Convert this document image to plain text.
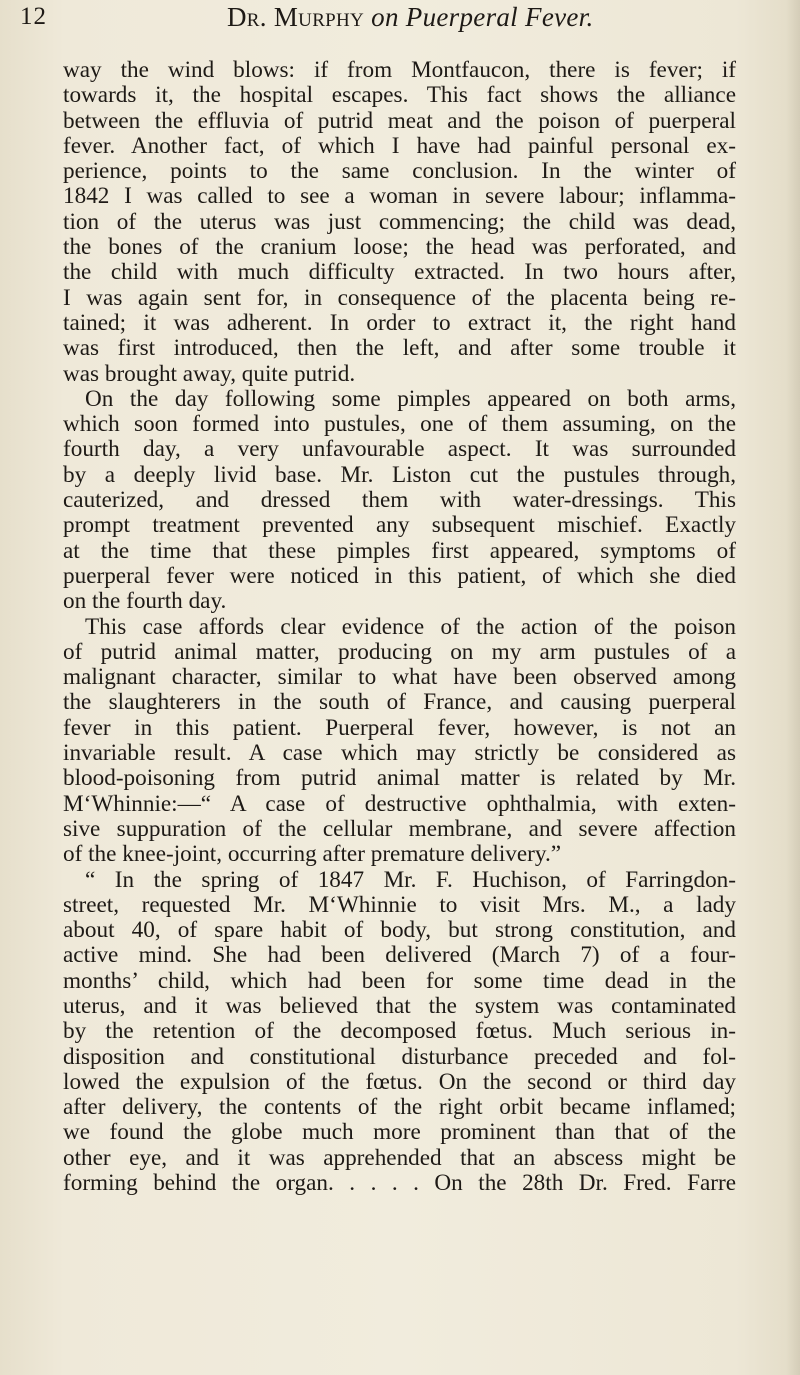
12	Dr. Murphy on Puerperal Fever.
way the wind blows: if from Montfaucon, there is fever; if
towards it, the hospital escapes. This fact shows the alliance
between the effluvia of putrid meat and the poison of puerperal
fever. Another fact, of which I have had painful personal ex-
perience, points to the same conclusion. In the winter of
1842 I was called to see a woman in severe labour; inflamma-
tion of the uterus was just commencing; the child was dead,
the bones of the cranium loose; the head was perforated, and
the child with much difficulty extracted. In two hours after,
I was again sent for, in consequence of the placenta being re-
tained; it was adherent. In order to extract it, the right hand
was first introduced, then the left, and after some trouble it
was brought away, quite putrid.
On the day following some pimples appeared on both arms,
which soon formed into pustules, one of them assuming, on the
fourth day, a very unfavourable aspect. It was surrounded
by a deeply livid base. Mr. Liston cut the pustules through,
cauterized, and dressed them with water-dressings. This
prompt treatment prevented any subsequent mischief. Exactly
at the time that these pimples first appeared, symptoms of
puerperal fever were noticed in this patient, of which she died
on the fourth day.
This case affords clear evidence of the action of the poison
of putrid animal matter, producing on my arm pustules of a
malignant character, similar to what have been observed among
the slaughterers in the south of France, and causing puerperal
fever in this patient. Puerperal fever, however, is not an
invariable result. A case which may strictly be considered as
blood-poisoning from putrid animal matter is related by Mr.
M‘Whinnie:—“ A case of destructive ophthalmia, with exten-
sive suppuration of the cellular membrane, and severe affection
of the knee-joint, occurring after premature delivery.”
“ In the spring of 1847 Mr. F. Huchison, of Farringdon-
street, requested Mr. M‘Whinnie to visit Mrs. M., a lady
about 40, of spare habit of body, but strong constitution, and
active mind. She had been delivered (March 7) of a four-
months’ child, which had been for some time dead in the
uterus, and it was believed that the system was contaminated
by the retention of the decomposed fœtus. Much serious in-
disposition and constitutional disturbance preceded and fol-
lowed the expulsion of the fœtus. On the second or third day
after delivery, the contents of the right orbit became inflamed;
we found the globe much more prominent than that of the
other eye, and it was apprehended that an abscess might be
forming behind the organ. . . . . On the 28th Dr. Fred. Farre
